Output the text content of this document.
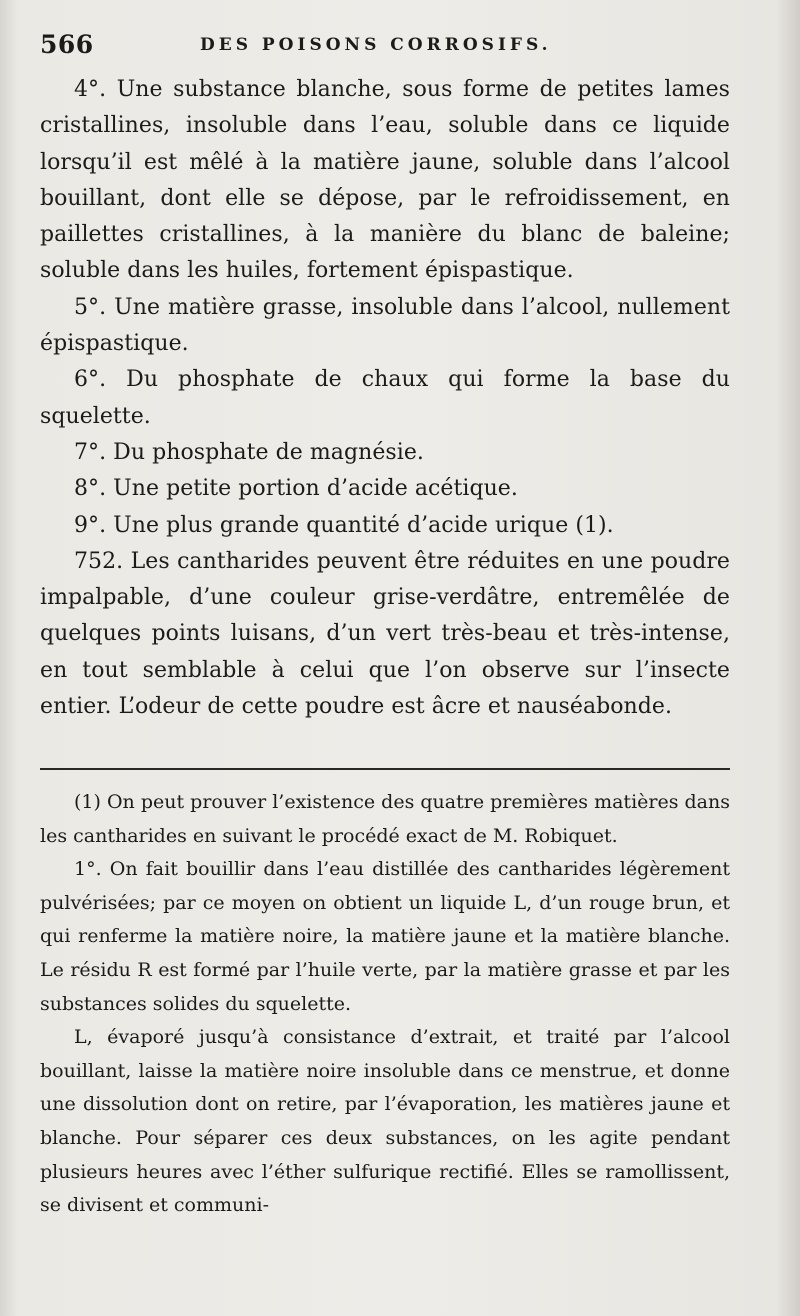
566	DES POISONS CORROSIFS.

4°. Une substance blanche, sous forme de petites lames cristallines, insoluble dans l’eau, soluble dans ce liquide lorsqu’il est mêlé à la matière jaune, soluble dans l’alcool bouillant, dont elle se dépose, par le refroidissement, en paillettes cristallines, à la manière du blanc de baleine; soluble dans les huiles, fortement épispastique.

5°. Une matière grasse, insoluble dans l’alcool, nullement épispastique.

6°. Du phosphate de chaux qui forme la base du squelette.

7°. Du phosphate de magnésie.

8°. Une petite portion d’acide acétique.

9°. Une plus grande quantité d’acide urique (1).

752. Les cantharides peuvent être réduites en une poudre impalpable, d’une couleur grise-verdâtre, entremêlée de quelques points luisans, d’un vert très-beau et très-intense, en tout semblable à celui que l’on observe sur l’insecte entier. L’odeur de cette poudre est âcre et nauséabonde.

(1) On peut prouver l’existence des quatre premières matières dans les cantharides en suivant le procédé exact de M. Robiquet.

1°. On fait bouillir dans l’eau distillée des cantharides légèrement pulvérisées; par ce moyen on obtient un liquide L, d’un rouge brun, et qui renferme la matière noire, la matière jaune et la matière blanche. Le résidu R est formé par l’huile verte, par la matière grasse et par les substances solides du squelette.

L, évaporé jusqu’à consistance d’extrait, et traité par l’alcool bouillant, laisse la matière noire insoluble dans ce menstrue, et donne une dissolution dont on retire, par l’évaporation, les matières jaune et blanche. Pour séparer ces deux substances, on les agite pendant plusieurs heures avec l’éther sulfurique rectifié. Elles se ramollissent, se divisent et communi-
